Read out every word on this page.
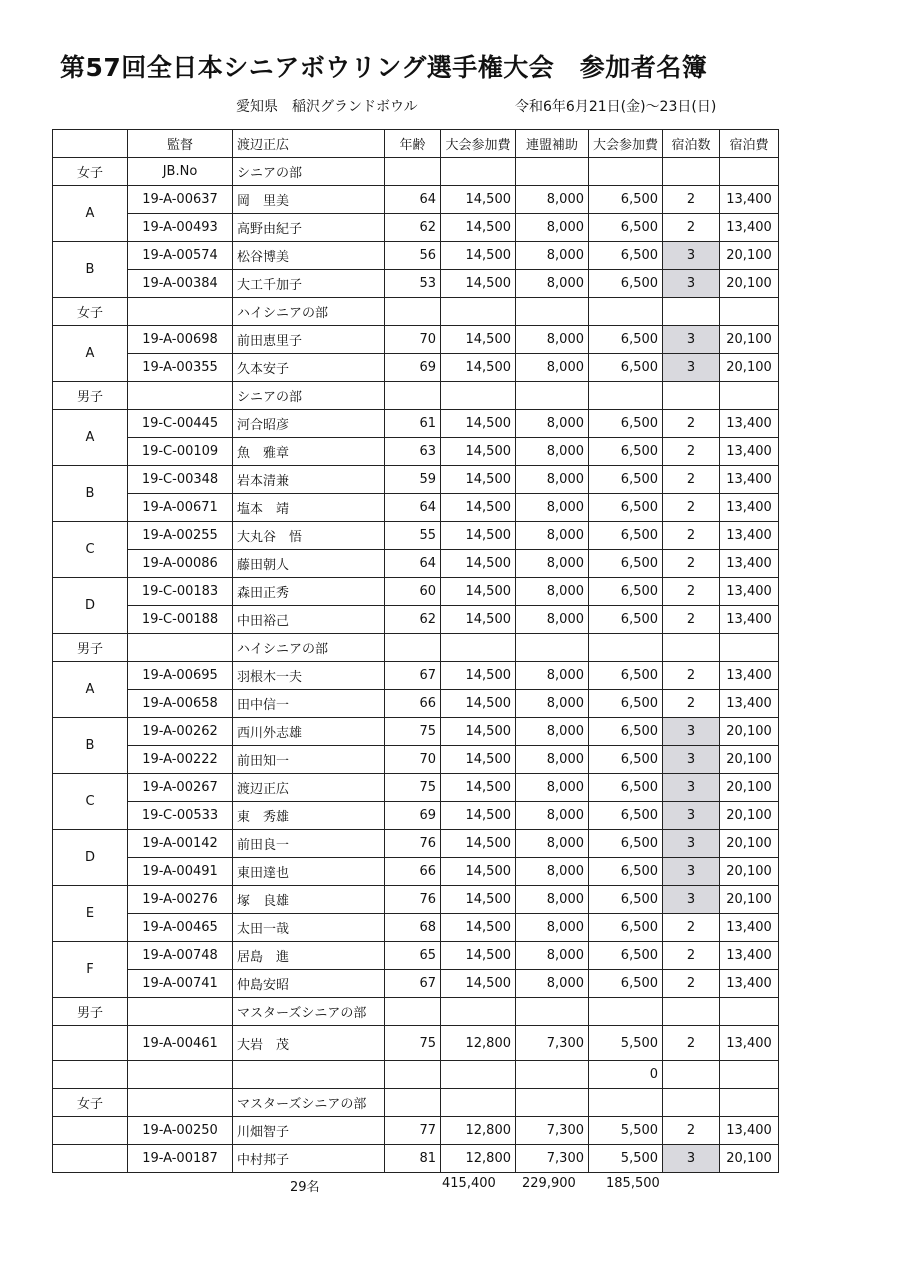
第57回全日本シニアボウリング選手権大会　参加者名簿
愛知県　稲沢グランドボウル	令和6年6月21日(金)～23日(日)
	監督	渡辺正広	年齢	大会参加費	連盟補助	大会参加費	宿泊数	宿泊費
女子	JB.No	シニアの部						
A	19-A-00637	岡　里美	64	14,500	8,000	6,500	2	13,400
	19-A-00493	高野由紀子	62	14,500	8,000	6,500	2	13,400
B	19-A-00574	松谷博美	56	14,500	8,000	6,500	3	20,100
	19-A-00384	大工千加子	53	14,500	8,000	6,500	3	20,100
女子		ハイシニアの部						
A	19-A-00698	前田恵里子	70	14,500	8,000	6,500	3	20,100
	19-A-00355	久本安子	69	14,500	8,000	6,500	3	20,100
男子		シニアの部						
A	19-C-00445	河合昭彦	61	14,500	8,000	6,500	2	13,400
	19-C-00109	魚　雅章	63	14,500	8,000	6,500	2	13,400
B	19-C-00348	岩本清兼	59	14,500	8,000	6,500	2	13,400
	19-A-00671	塩本　靖	64	14,500	8,000	6,500	2	13,400
C	19-A-00255	大丸谷　悟	55	14,500	8,000	6,500	2	13,400
	19-A-00086	藤田朝人	64	14,500	8,000	6,500	2	13,400
D	19-C-00183	森田正秀	60	14,500	8,000	6,500	2	13,400
	19-C-00188	中田裕己	62	14,500	8,000	6,500	2	13,400
男子		ハイシニアの部						
A	19-A-00695	羽根木一夫	67	14,500	8,000	6,500	2	13,400
	19-A-00658	田中信一	66	14,500	8,000	6,500	2	13,400
B	19-A-00262	西川外志雄	75	14,500	8,000	6,500	3	20,100
	19-A-00222	前田知一	70	14,500	8,000	6,500	3	20,100
C	19-A-00267	渡辺正広	75	14,500	8,000	6,500	3	20,100
	19-C-00533	東　秀雄	69	14,500	8,000	6,500	3	20,100
D	19-A-00142	前田良一	76	14,500	8,000	6,500	3	20,100
	19-A-00491	東田達也	66	14,500	8,000	6,500	3	20,100
E	19-A-00276	塚　良雄	76	14,500	8,000	6,500	3	20,100
	19-A-00465	太田一哉	68	14,500	8,000	6,500	2	13,400
F	19-A-00748	居島　進	65	14,500	8,000	6,500	2	13,400
	19-A-00741	仲島安昭	67	14,500	8,000	6,500	2	13,400
男子		マスターズシニアの部						
	19-A-00461	大岩　茂	75	12,800	7,300	5,500	2	13,400
						0		
女子		マスターズシニアの部						
	19-A-00250	川畑智子	77	12,800	7,300	5,500	2	13,400
	19-A-00187	中村邦子	81	12,800	7,300	5,500	3	20,100
29名	415,400 229,900 185,500
